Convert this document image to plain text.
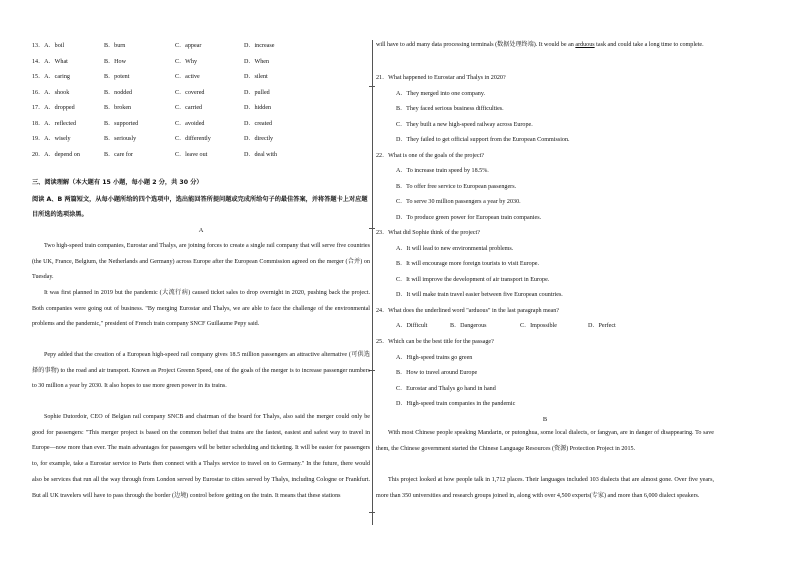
13．A．boil	B．burn	C．appear	D．increase
14．A．What	B．How	C．Why	D．When
15．A．caring	B．potent	C．active	D．silent
16．A．shook	B．nodded	C．covered	D．pulled
17．A．dropped	B．broken	C．carried	D．hidden
18．A．reflected	B．supported	C．avoided	D．created
19．A．wisely	B．seriously	C．differently	D．directly
20．A．depend on	B．care for	C．leave out	D．deal with
三、阅读理解（本大题有 15 小题，每小题 2 分，共 30 分）
阅读 A、B 两篇短文，从每小题所给的四个选项中，选出能回答所提问题或完成所给句子的最佳答案，并将答题卡上对应题目所选的选项涂黑。
A
Two high-speed train companies, Eurostar and Thalys, are joining forces to create a single rail company that will serve five countries (the UK, France, Belgium, the Netherlands and Germany) across Europe after the European Commission agreed on the merger (合并) on Tuesday.
It was first planned in 2019 but the pandemic (大流行病) caused ticket sales to drop overnight in 2020, pushing back the project. Both companies were going out of business. "By merging Eurostar and Thalys, we are able to face the challenge of the environmental problems and the pandemic," president of French train company SNCF Guillaume Pepy said.
Pepy added that the creation of a European high-speed rail company gives 18.5 million passengers an attractive alternative (可供选择的事物) to the road and air transport. Known as Project Greenn Speed, one of the goals of the merger is to increase passenger numbers to 30 million a year by 2030. It also hopes to use more green power in its trains.
Sophie Dutordoir, CEO of Belgian rail company SNCB and chairman of the board for Thalys, also said the merger could only be good for passengers: "This merger project is based on the common belief that trains are the fastest, easiest and safest way to travel in Europe—now more than ever. The main advantages for passengers will be better scheduling and ticketing. It will be easier for passengers to, for example, take a Eurostar service to Paris then connect with a Thalys service to travel on to Germany." In the future, there would also be services that run all the way through from London served by Eurostar to cities served by Thalys, including Cologne or Frankfurt. But all UK travelers will have to pass through the border (边境) control before getting on the train. It means that these stations
will have to add many data processing terminals (数据处理终端). It would be an arduous task and could take a long time to complete.
21．What happened to Eurostar and Thalys in 2020?
A．They merged into one company.
B．They faced serious business difficulties.
C．They built a new high-speed railway across Europe.
D．They failed to get official support from the European Commission.
22．What is one of the goals of the project?
A．To increase train speed by 18.5%.
B．To offer free service to European passengers.
C．To serve 30 million passengers a year by 2030.
D．To produce green power for European train companies.
23．What did Sophie think of the project?
A．It will lead to new environmental problems.
B．It will encourage more foreign tourists to visit Europe.
C．It will improve the development of air transport in Europe.
D．It will make train travel easier between five European countries.
24．What does the underlined word "arduous" in the last paragraph mean?
A．Difficult	B．Dangerous	C．Impossible	D．Perfect
25．Which can be the best title for the passage?
A．High-speed trains go green
B．How to travel around Europe
C．Eurostar and Thalys go hand in hand
D．High-speed train companies in the pandemic
B
With most Chinese people speaking Mandarin, or putonghua, some local dialects, or fangyan, are in danger of disappearing. To save them, the Chinese government started the Chinese Language Resources (资源) Protection Project in 2015.
This project looked at how people talk in 1,712 places. Their languages included 103 dialects that are almost gone. Over five years, more than 350 universities and research groups joined in, along with over 4,500 experts(专家) and more than 6,000 dialect speakers.
